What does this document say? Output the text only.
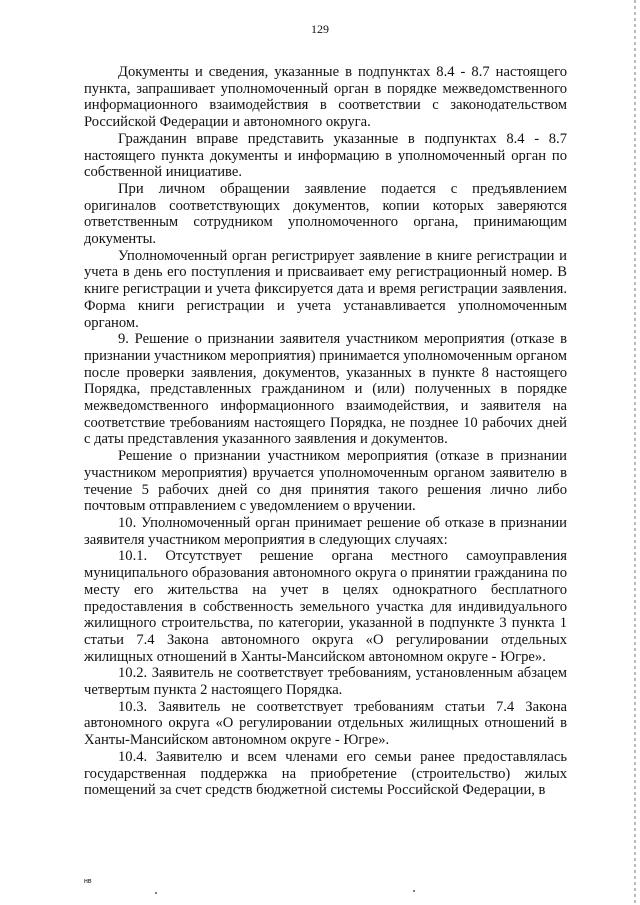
129

Документы и сведения, указанные в подпунктах 8.4 - 8.7 настоящего пункта, запрашивает уполномоченный орган в порядке межведомственного информационного взаимодействия в соответствии с законодательством Российской Федерации и автономного округа.

Гражданин вправе представить указанные в подпунктах 8.4 - 8.7 настоящего пункта документы и информацию в уполномоченный орган по собственной инициативе.

При личном обращении заявление подается с предъявлением оригиналов соответствующих документов, копии которых заверяются ответственным сотрудником уполномоченного органа, принимающим документы.

Уполномоченный орган регистрирует заявление в книге регистрации и учета в день его поступления и присваивает ему регистрационный номер. В книге регистрации и учета фиксируется дата и время регистрации заявления. Форма книги регистрации и учета устанавливается уполномоченным органом.

9. Решение о признании заявителя участником мероприятия (отказе в признании участником мероприятия) принимается уполномоченным органом после проверки заявления, документов, указанных в пункте 8 настоящего Порядка, представленных гражданином и (или) полученных в порядке межведомственного информационного взаимодействия, и заявителя на соответствие требованиям настоящего Порядка, не позднее 10 рабочих дней с даты представления указанного заявления и документов.

Решение о признании участником мероприятия (отказе в признании участником мероприятия) вручается уполномоченным органом заявителю в течение 5 рабочих дней со дня принятия такого решения лично либо почтовым отправлением с уведомлением о вручении.

10. Уполномоченный орган принимает решение об отказе в признании заявителя участником мероприятия в следующих случаях:

10.1. Отсутствует решение органа местного самоуправления муниципального образования автономного округа о принятии гражданина по месту его жительства на учет в целях однократного бесплатного предоставления в собственность земельного участка для индивидуального жилищного строительства, по категории, указанной в подпункте 3 пункта 1 статьи 7.4 Закона автономного округа «О регулировании отдельных жилищных отношений в Ханты-Мансийском автономном округе - Югре».

10.2. Заявитель не соответствует требованиям, установленным абзацем четвертым пункта 2 настоящего Порядка.

10.3. Заявитель не соответствует требованиям статьи 7.4 Закона автономного округа «О регулировании отдельных жилищных отношений в Ханты-Мансийском автономном округе - Югре».

10.4. Заявителю и всем членами его семьи ранее предоставлялась государственная поддержка на приобретение (строительство) жилых помещений за счет средств бюджетной системы Российской Федерации, в

нв
